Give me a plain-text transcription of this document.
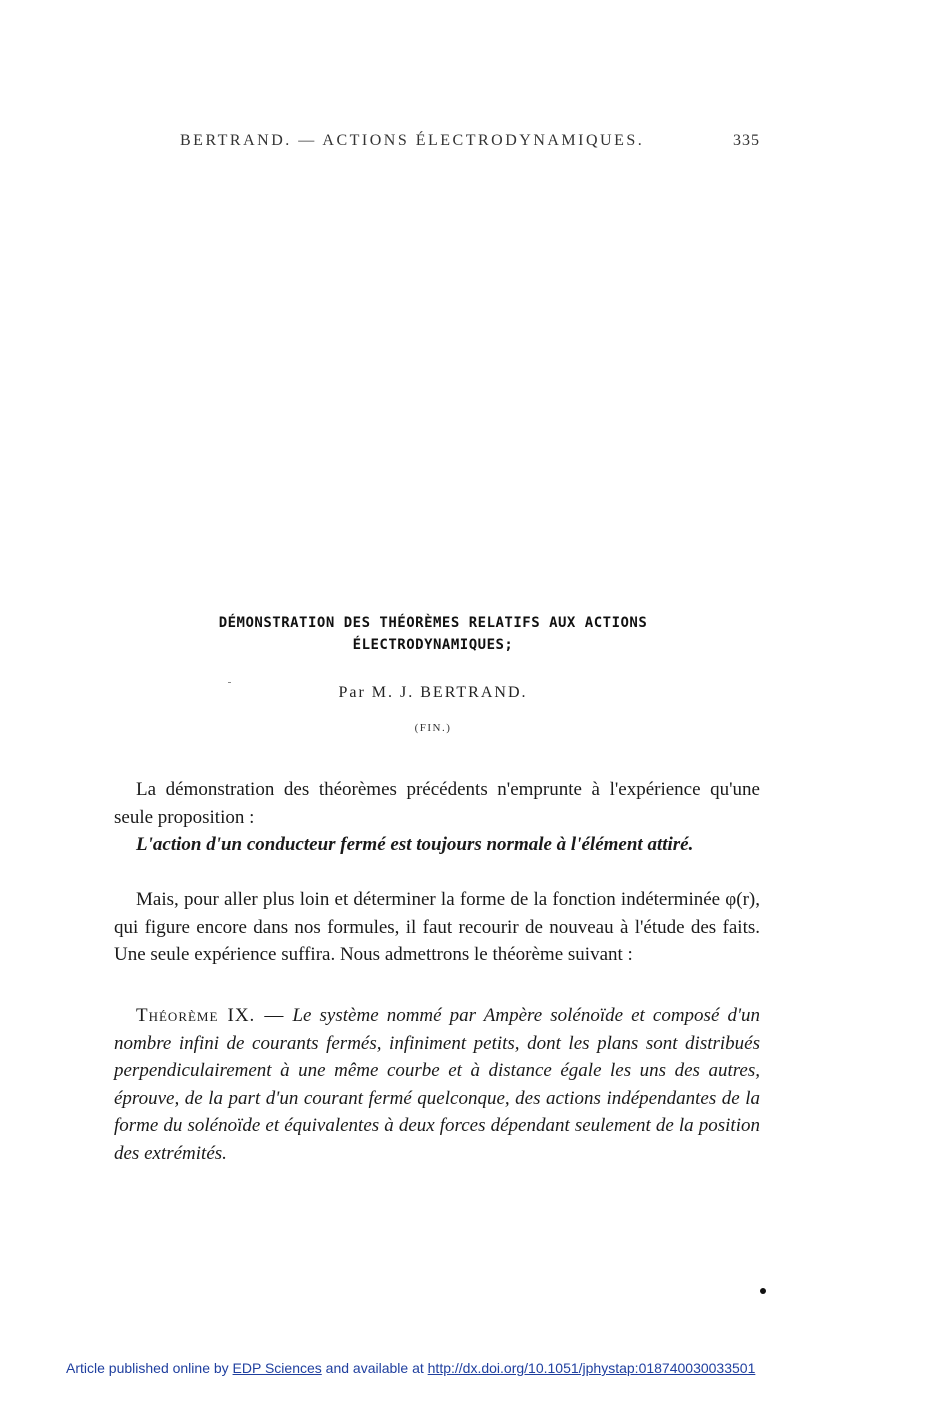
BERTRAND. — ACTIONS ÉLECTRODYNAMIQUES.	335
DÉMONSTRATION DES THÉORÈMES RELATIFS AUX ACTIONS
ÉLECTRODYNAMIQUES;
Par M. J. BERTRAND.
(FIN.)

La démonstration des théorèmes précédents n'emprunte à l'expérience qu'une seule proposition :

L'action d'un conducteur fermé est toujours normale à l'élément attiré.

Mais, pour aller plus loin et déterminer la forme de la fonction indéterminée φ(r), qui figure encore dans nos formules, il faut recourir de nouveau à l'étude des faits. Une seule expérience suffira. Nous admettrons le théorème suivant :

Théorème IX. — Le système nommé par Ampère solénoïde et composé d'un nombre infini de courants fermés, infiniment petits, dont les plans sont distribués perpendiculairement à une même courbe et à distance égale les uns des autres, éprouve, de la part d'un courant fermé quelconque, des actions indépendantes de la forme du solénoïde et équivalentes à deux forces dépendant seulement de la position des extrémités.

Article published online by EDP Sciences and available at http://dx.doi.org/10.1051/jphystap:018740030033501
